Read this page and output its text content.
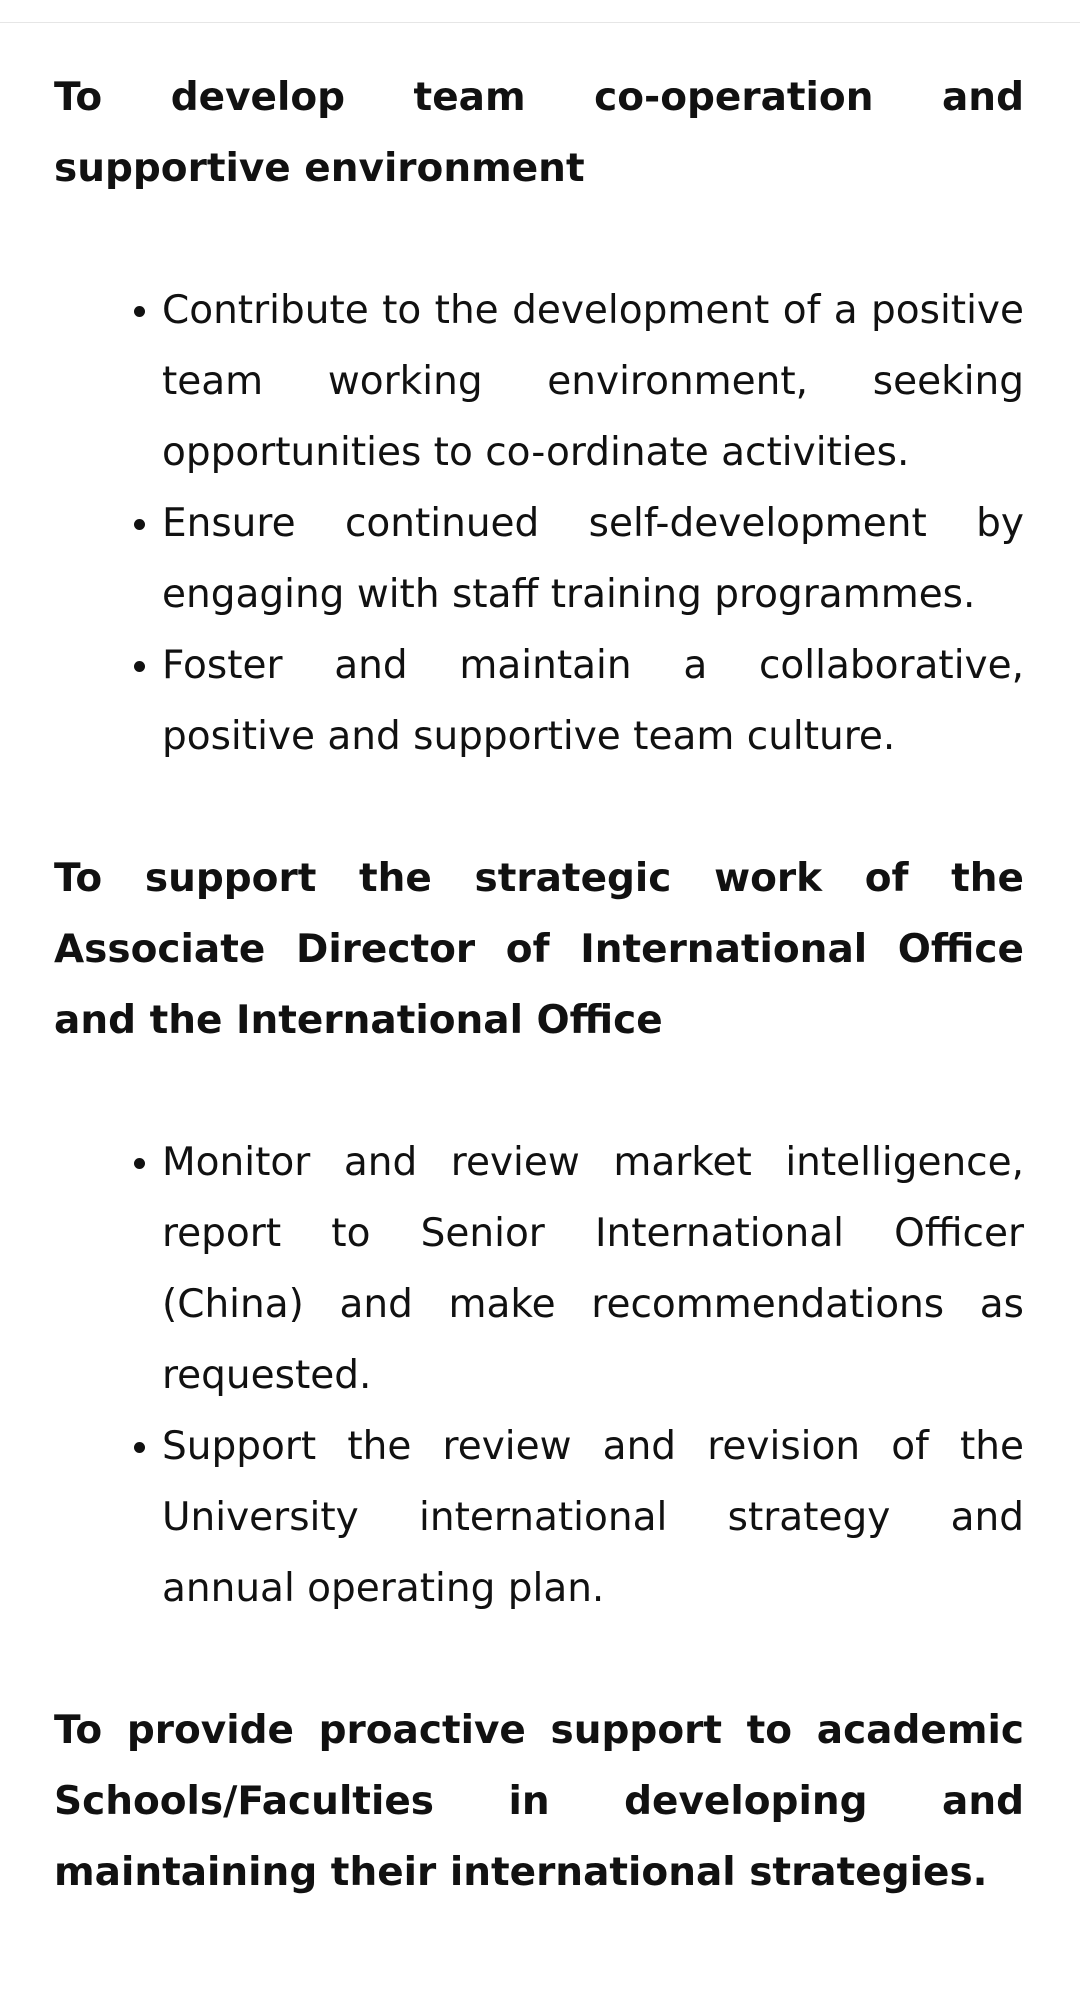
To develop team co-operation and supportive environment
Contribute to the development of a positive team working environment, seeking opportunities to co-ordinate activities.
Ensure continued self-development by engaging with staff training programmes.
Foster and maintain a collaborative, positive and supportive team culture.
To support the strategic work of the Associate Director of International Office and the International Office
Monitor and review market intelligence, report to Senior International Officer (China) and make recommendations as requested.
Support the review and revision of the University international strategy and annual operating plan.
To provide proactive support to academic Schools/Faculties in developing and maintaining their international strategies.
